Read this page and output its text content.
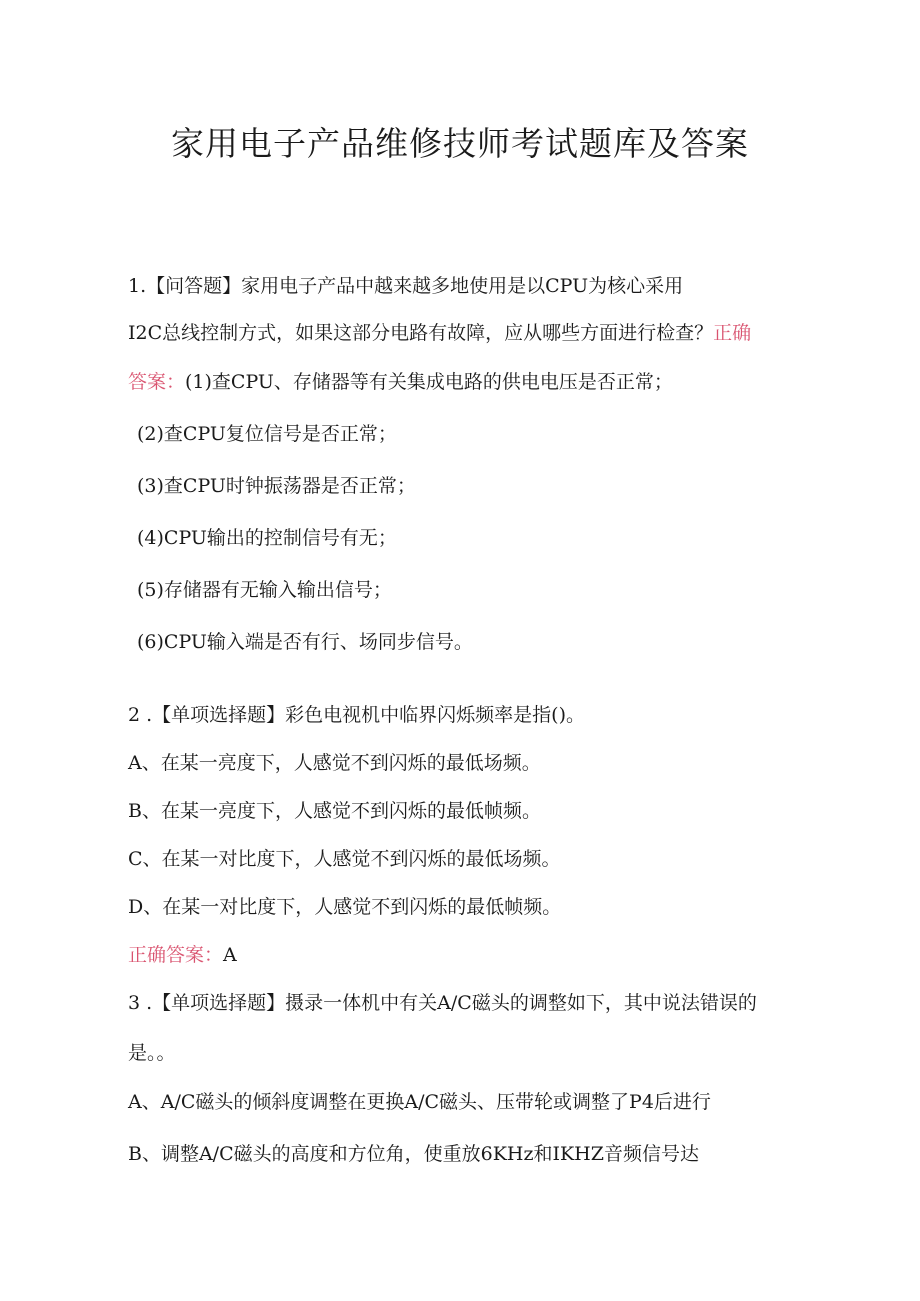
家用电子产品维修技师考试题库及答案

1.【问答题】家用电子产品中越来越多地使用是以CPU为核心采用

I2C总线控制方式，如果这部分电路有故障，应从哪些方面进行检查？正确

答案：(1)查CPU、存储器等有关集成电路的供电电压是否正常；

(2)查CPU复位信号是否正常；

(3)查CPU时钟振荡器是否正常；

(4)CPU输出的控制信号有无；

(5)存储器有无输入输出信号；

(6)CPU输入端是否有行、场同步信号。

2 .【单项选择题】彩色电视机中临界闪烁频率是指()。

A、在某一亮度下，人感觉不到闪烁的最低场频。

B、在某一亮度下，人感觉不到闪烁的最低帧频。

C、在某一对比度下，人感觉不到闪烁的最低场频。

D、在某一对比度下，人感觉不到闪烁的最低帧频。

正确答案：A

3 .【单项选择题】摄录一体机中有关A/C磁头的调整如下，其中说法错误的

是。。

A、A/C磁头的倾斜度调整在更换A/C磁头、压带轮或调整了P4后进行

B、调整A/C磁头的高度和方位角，使重放6KHz和IKHZ音频信号达
